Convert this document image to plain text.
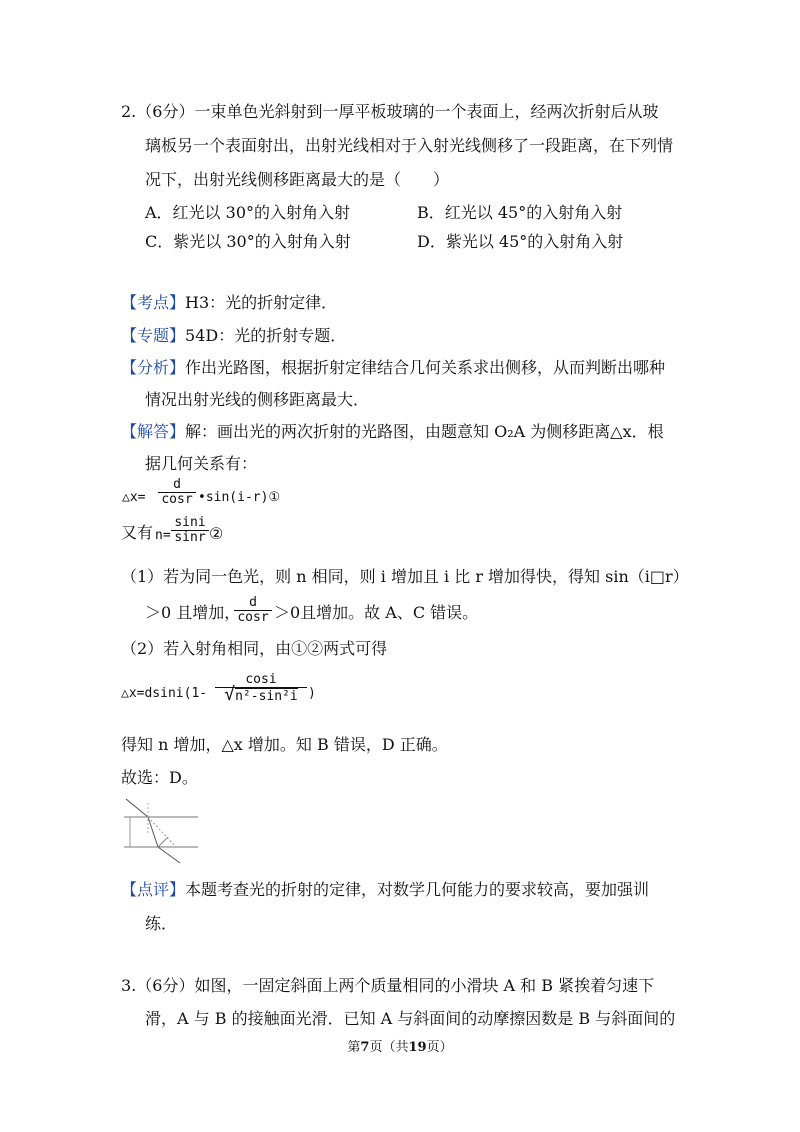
2.（6分）一束单色光斜射到一厚平板玻璃的一个表面上，经两次折射后从玻
璃板另一个表面射出，出射光线相对于入射光线侧移了一段距离，在下列情
况下，出射光线侧移距离最大的是（　　）
A．红光以 30°的入射角入射	B．红光以 45°的入射角入射
C．紫光以 30°的入射角入射	D．紫光以 45°的入射角入射
【考点】H3：光的折射定律．
【专题】54D：光的折射专题．
【分析】作出光路图，根据折射定律结合几何关系求出侧移，从而判断出哪种
情况出射光线的侧移距离最大．
【解答】解：画出光的两次折射的光路图，由题意知 O₂A 为侧移距离△x．根
据几何关系有：
△x= $\frac{d}{\cos r}$ •sin(i-r)①
又有 $n= \frac{\sin i}{\sin r}$ ②
（1）若为同一色光，则 n 相同，则 i 增加且 i 比 r 增加得快，得知 sin（i□r）
＞0 且增加，
$\frac{d}{\cos r} >0$且增加。故 A、C 错误。
（2）若入射角相同，由①②两式可得
△x=dsini(1- $\frac{\cos i}{\text{√n²-sin²i}}$ )
得知 n 增加，△x 增加。知 B 错误，D 正确。
故选：D。
【点评】本题考查光的折射的定律，对数学几何能力的要求较高，要加强训
练．
3.（6分）如图，一固定斜面上两个质量相同的小滑块 A 和 B 紧挨着匀速下
滑，A 与 B 的接触面光滑．已知 A 与斜面间的动摩擦因数是 B 与斜面间的
第7页（共19页）
